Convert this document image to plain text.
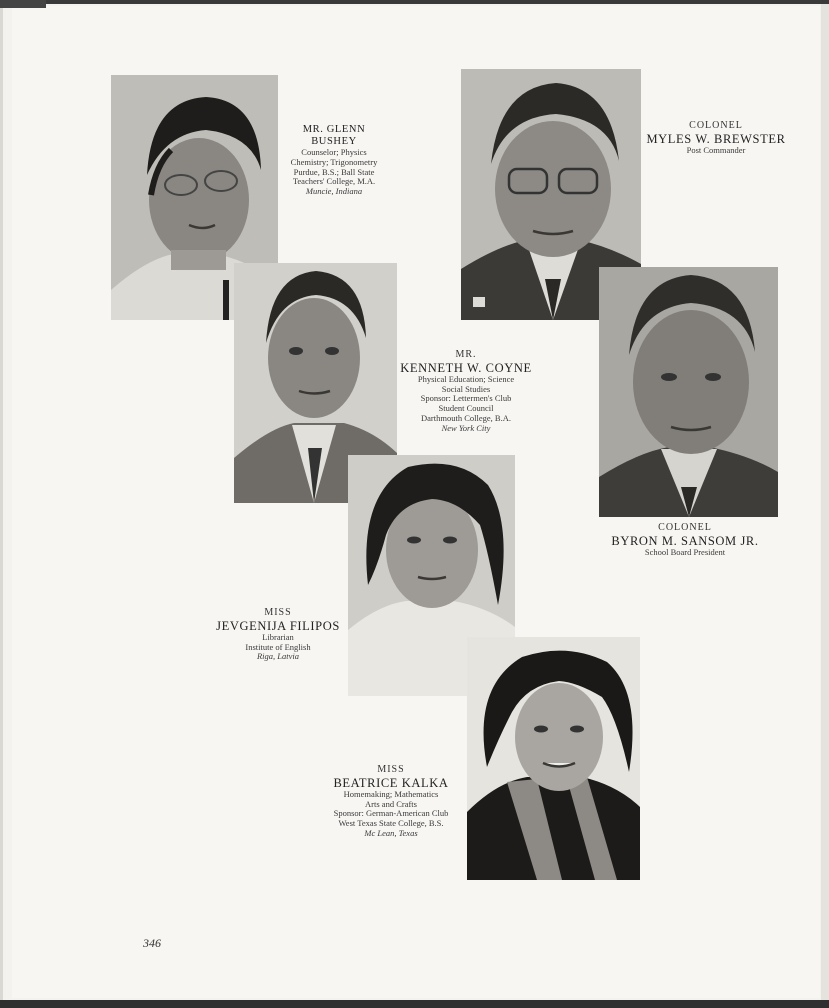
MR. GLENN BUSHEY
Counselor; Physics
Chemistry; Trigonometry
Purdue, B.S.; Ball State
Teachers' College, M.A.
Muncie, Indiana
COLONEL
MYLES W. BREWSTER
Post Commander
MR.
KENNETH W. COYNE
Physical Education; Science
Social Studies
Sponsor: Lettermen's Club
Student Council
Darthmouth College, B.A.
New York City
COLONEL
BYRON M. SANSOM JR.
School Board President
MISS
JEVGENIJA FILIPOS
Librarian
Institute of English
Riga, Latvia
MISS
BEATRICE KALKA
Homemaking; Mathematics
Arts and Crafts
Sponsor: German-American Club
West Texas State College, B.S.
Mc Lean, Texas
346
